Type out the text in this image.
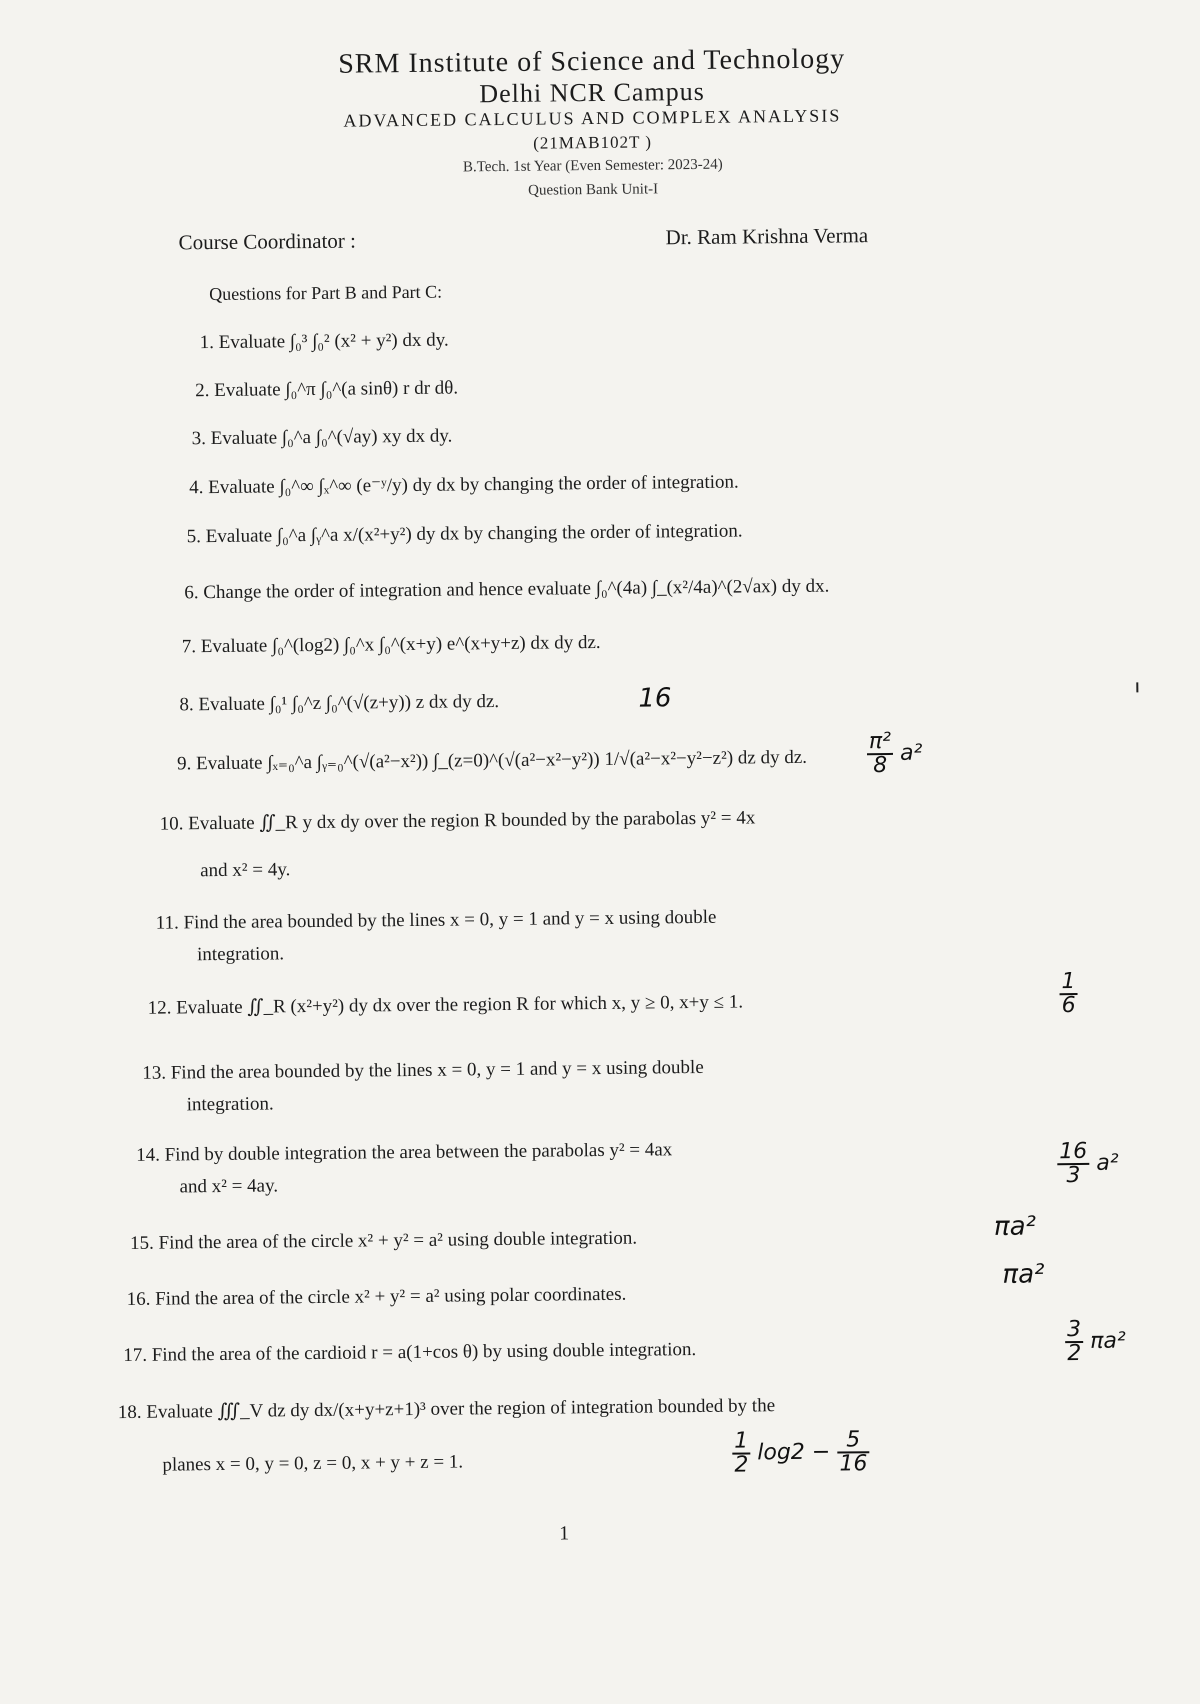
SRM Institute of Science and Technology
Delhi NCR Campus
ADVANCED CALCULUS AND COMPLEX ANALYSIS
(21MAB102T )
B.Tech. 1st Year (Even Semester: 2023-24)
Question Bank Unit-I
Course Coordinator :	Dr. Ram Krishna Verma
Questions for Part B and Part C:
1. Evaluate ∫₀³ ∫₀² (x² + y²) dx dy.
2. Evaluate ∫₀^π ∫₀^(a sinθ) r dr dθ.
3. Evaluate ∫₀^a ∫₀^(√ay) xy dx dy.
4. Evaluate ∫₀^∞ ∫ₓ^∞ (e⁻ʸ/y) dy dx by changing the order of integration.
5. Evaluate ∫₀^a ∫ᵧ^a x/(x²+y²) dy dx by changing the order of integration.
6. Change the order of integration and hence evaluate ∫₀^(4a) ∫_(x²/4a)^(2√ax) dy dx.
7. Evaluate ∫₀^(log2) ∫₀^x ∫₀^(x+y) e^(x+y+z) dx dy dz.
8. Evaluate ∫₀¹ ∫₀^z ∫₀^(√(z+y)) z dx dy dz.	16
9. Evaluate ∫ₓ₌₀^a ∫ᵧ₌₀^(√(a²−x²)) ∫_(z=0)^(√(a²−x²−y²)) 1/√(a²−x²−y²−z²) dz dy dz.	$\frac{\text{π²}}{8} a^2$
10. Evaluate ∬_R y dx dy over the region R bounded by the parabolas y² = 4x
and x² = 4y.
11. Find the area bounded by the lines x = 0, y = 1 and y = x using double
integration.
12. Evaluate ∬_R (x²+y²) dy dx over the region R for which x, y ≥ 0, x+y ≤ 1.	$\frac{1}{6}$
13. Find the area bounded by the lines x = 0, y = 1 and y = x using double
integration.
14. Find by double integration the area between the parabolas y² = 4ax
and x² = 4ay.	$\frac{16}{3} a^2$
15. Find the area of the circle x² + y² = a² using double integration.	πa²
16. Find the area of the circle x² + y² = a² using polar coordinates.
πa²
17. Find the area of the cardioid r = a(1+cos θ) by using double integration.	$\frac{3}{2} \pi a^2$
18. Evaluate ∭_V dz dy dx/(x+y+z+1)³ over the region of integration bounded by the
planes x = 0, y = 0, z = 0, x + y + z = 1.	$\frac{1}{2} \log 2 - \frac{5}{16}$
1
